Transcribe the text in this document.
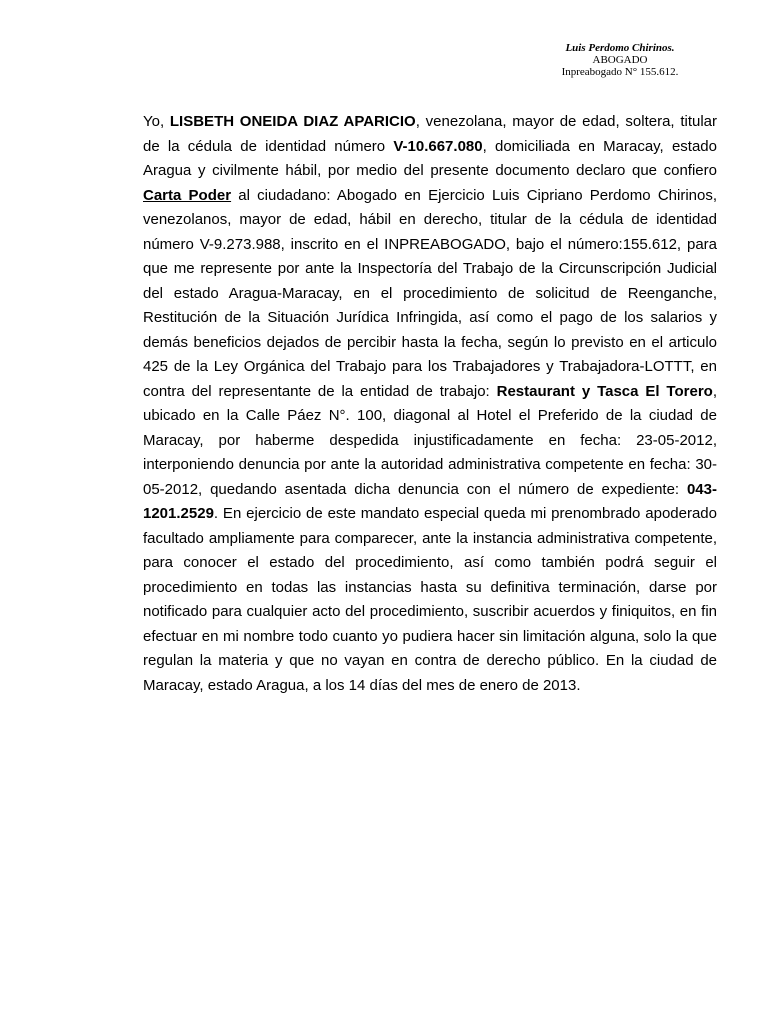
Luis Perdomo Chirinos.
ABOGADO
Inpreabogado N° 155.612.

Yo, LISBETH ONEIDA DIAZ APARICIO, venezolana, mayor de edad, soltera, titular de la cédula de identidad número V-10.667.080, domiciliada en Maracay, estado Aragua y civilmente hábil, por medio del presente documento declaro que confiero Carta Poder al ciudadano: Abogado en Ejercicio Luis Cipriano Perdomo Chirinos, venezolanos, mayor de edad, hábil en derecho, titular de la cédula de identidad número V-9.273.988, inscrito en el INPREABOGADO, bajo el número:155.612, para que me represente por ante la Inspectoría del Trabajo de la Circunscripción Judicial del estado Aragua-Maracay, en el procedimiento de solicitud de Reenganche, Restitución de la Situación Jurídica Infringida, así como el pago de los salarios y demás beneficios dejados de percibir hasta la fecha, según lo previsto en el articulo 425 de la Ley Orgánica del Trabajo para los Trabajadores y Trabajadora-LOTTT, en contra del representante de la entidad de trabajo: Restaurant y Tasca El Torero, ubicado en la Calle Páez N°. 100, diagonal al Hotel el Preferido de la ciudad de Maracay, por haberme despedida injustificadamente en fecha: 23-05-2012, interponiendo denuncia por ante la autoridad administrativa competente en fecha: 30-05-2012, quedando asentada dicha denuncia con el número de expediente: 043-1201.2529. En ejercicio de este mandato especial queda mi prenombrado apoderado facultado ampliamente para comparecer, ante la instancia administrativa competente, para conocer el estado del procedimiento, así como también podrá seguir el procedimiento en todas las instancias hasta su definitiva terminación, darse por notificado para cualquier acto del procedimiento, suscribir acuerdos y finiquitos, en fin efectuar en mi nombre todo cuanto yo pudiera hacer sin limitación alguna, solo la que regulan la materia y que no vayan en contra de derecho público. En la ciudad de Maracay, estado Aragua, a los 14 días del mes de enero de 2013.
